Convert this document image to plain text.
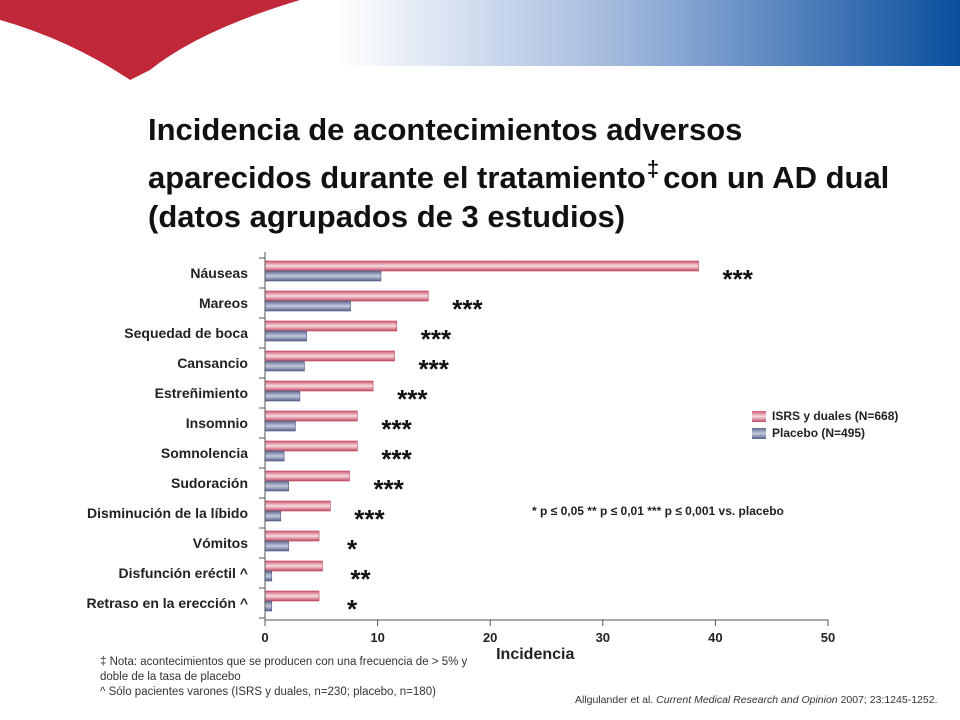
Incidencia de acontecimientos adversos
aparecidos durante el tratamiento‡ con un AD dual
(datos agrupados de 3 estudios)
0	10	20	30	40	50
Incidencia
Náuseas	***
Mareos	***
Sequedad de boca	***
Cansancio	***
Estreñimiento	***
Insomnio	***
Somnolencia	***
Sudoración	***
Disminución de la líbido	***
Vómitos	*
Disfunción eréctil ^	**
Retraso en la erección ^	*
ISRS y duales (N=668)
Placebo (N=495)
* p ≤ 0,05 ** p ≤ 0,01 *** p ≤ 0,001 vs. placebo
‡ Nota: acontecimientos que se producen con una frecuencia de > 5% y doble de la tasa de placebo
^ Sólo pacientes varones (ISRS y duales, n=230; placebo, n=180)
Allgulander et al. Current Medical Research and Opinion 2007; 23:1245-1252.
